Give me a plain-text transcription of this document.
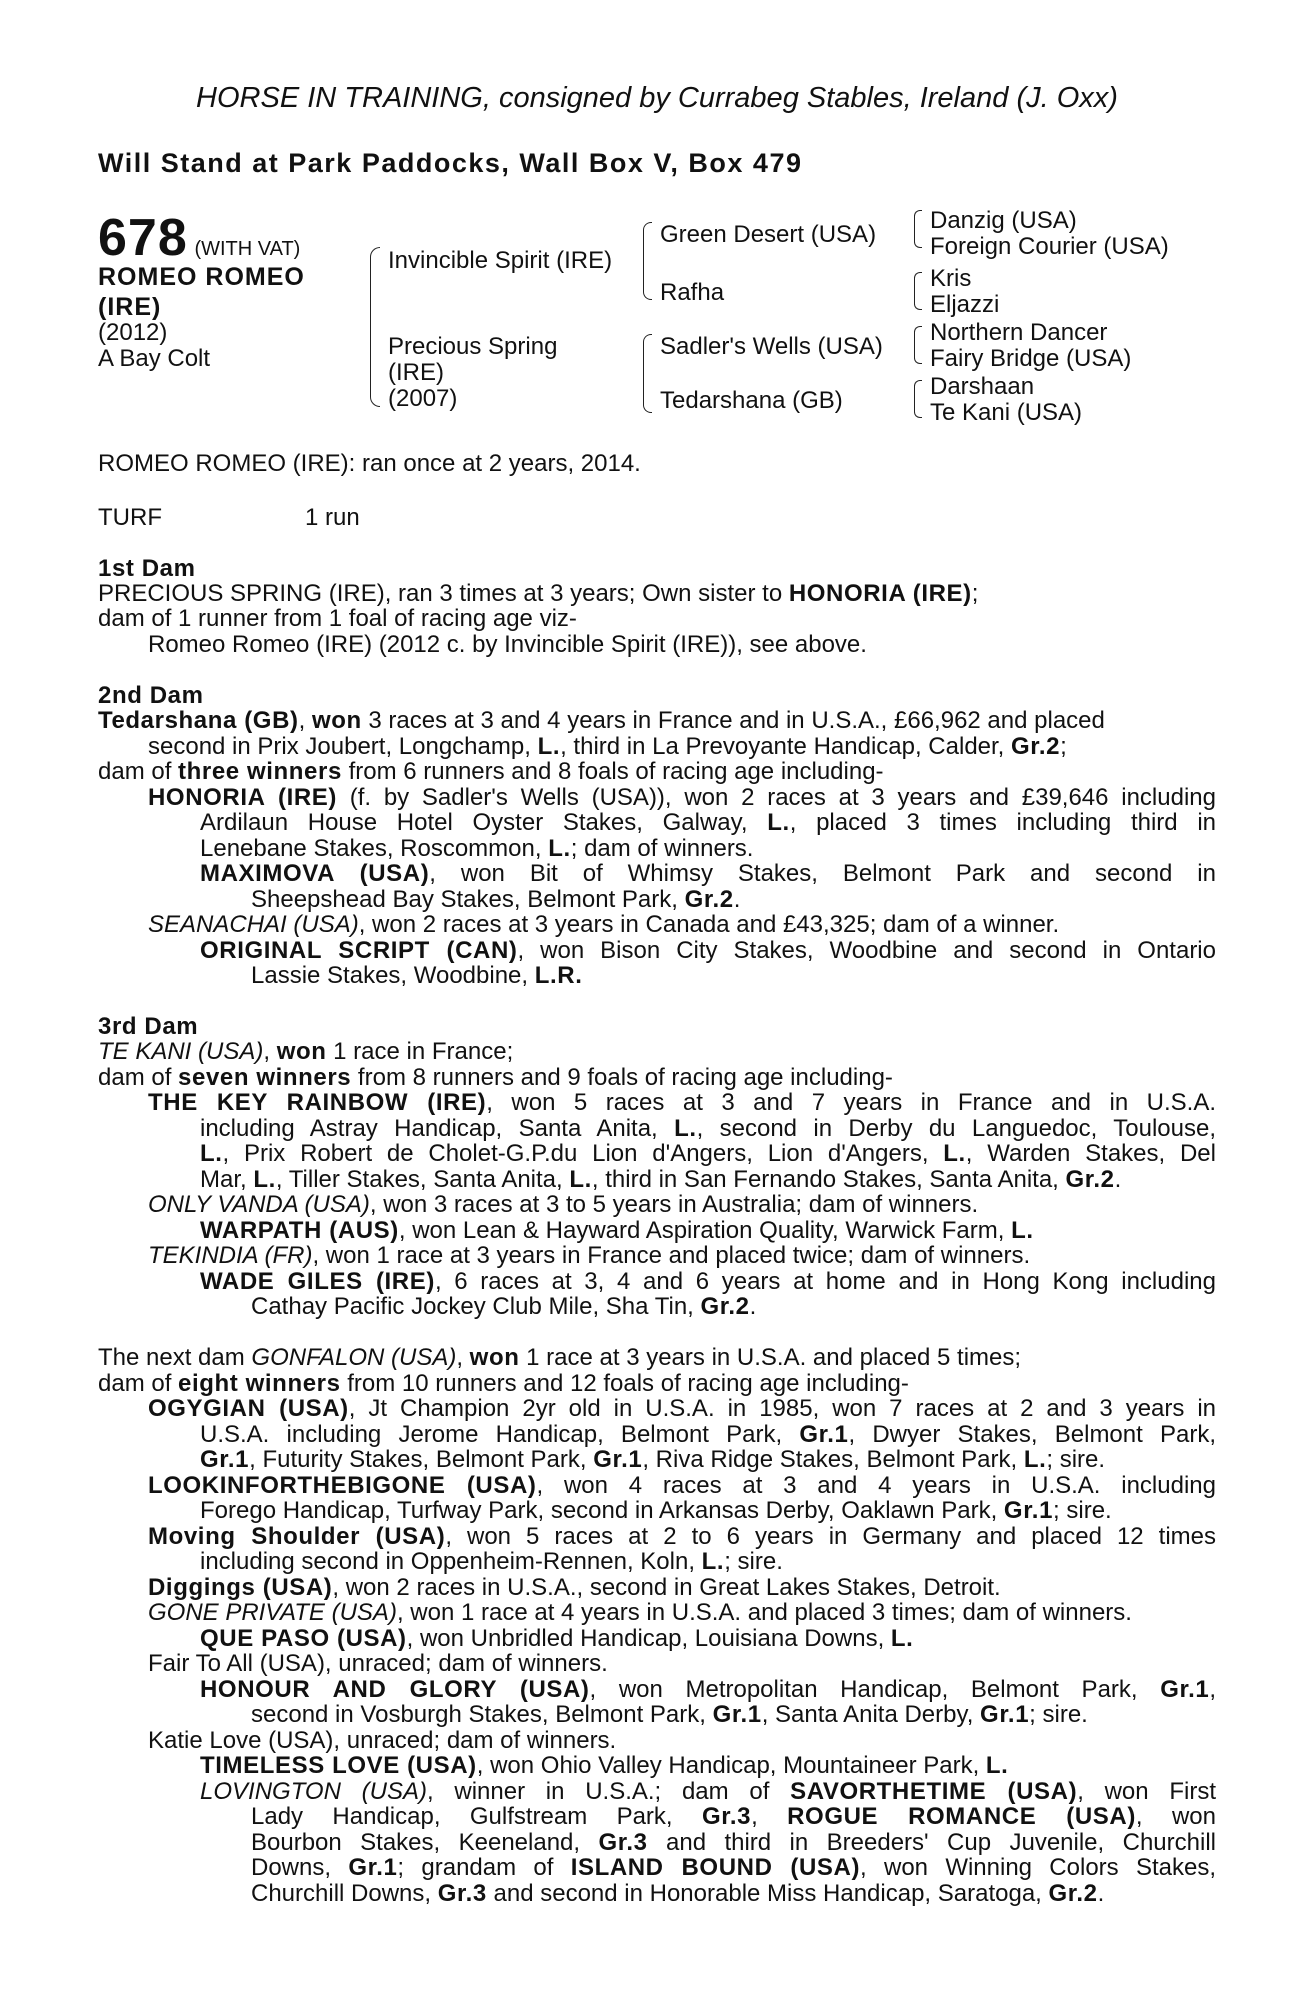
HORSE IN TRAINING, consigned by Currabeg Stables, Ireland (J. Oxx)
Will Stand at Park Paddocks, Wall Box V, Box 479
678 (WITH VAT)
ROMEO ROMEO
(IRE)
(2012)
A Bay Colt
Invincible Spirit (IRE)
Precious Spring
(IRE)
(2007)
Green Desert (USA)
Rafha
Sadler's Wells (USA)
Tedarshana (GB)
Danzig (USA)
Foreign Courier (USA)
Kris
Eljazzi
Northern Dancer
Fairy Bridge (USA)
Darshaan
Te Kani (USA)
ROMEO ROMEO (IRE): ran once at 2 years, 2014.
TURF	1 run
1st Dam
PRECIOUS SPRING (IRE), ran 3 times at 3 years; Own sister to HONORIA (IRE);
dam of 1 runner from 1 foal of racing age viz-
Romeo Romeo (IRE) (2012 c. by Invincible Spirit (IRE)), see above.
2nd Dam
Tedarshana (GB), won 3 races at 3 and 4 years in France and in U.S.A., £66,962 and placed
second in Prix Joubert, Longchamp, L., third in La Prevoyante Handicap, Calder, Gr.2;
dam of three winners from 6 runners and 8 foals of racing age including-
HONORIA (IRE) (f. by Sadler's Wells (USA)), won 2 races at 3 years and £39,646 including
Ardilaun House Hotel Oyster Stakes, Galway, L., placed 3 times including third in
Lenebane Stakes, Roscommon, L.; dam of winners.
MAXIMOVA (USA), won Bit of Whimsy Stakes, Belmont Park and second in
Sheepshead Bay Stakes, Belmont Park, Gr.2.
SEANACHAI (USA), won 2 races at 3 years in Canada and £43,325; dam of a winner.
ORIGINAL SCRIPT (CAN), won Bison City Stakes, Woodbine and second in Ontario
Lassie Stakes, Woodbine, L.R.
3rd Dam
TE KANI (USA), won 1 race in France;
dam of seven winners from 8 runners and 9 foals of racing age including-
THE KEY RAINBOW (IRE), won 5 races at 3 and 7 years in France and in U.S.A.
including Astray Handicap, Santa Anita, L., second in Derby du Languedoc, Toulouse,
L., Prix Robert de Cholet-G.P.du Lion d'Angers, Lion d'Angers, L., Warden Stakes, Del
Mar, L., Tiller Stakes, Santa Anita, L., third in San Fernando Stakes, Santa Anita, Gr.2.
ONLY VANDA (USA), won 3 races at 3 to 5 years in Australia; dam of winners.
WARPATH (AUS), won Lean & Hayward Aspiration Quality, Warwick Farm, L.
TEKINDIA (FR), won 1 race at 3 years in France and placed twice; dam of winners.
WADE GILES (IRE), 6 races at 3, 4 and 6 years at home and in Hong Kong including
Cathay Pacific Jockey Club Mile, Sha Tin, Gr.2.
The next dam GONFALON (USA), won 1 race at 3 years in U.S.A. and placed 5 times;
dam of eight winners from 10 runners and 12 foals of racing age including-
OGYGIAN (USA), Jt Champion 2yr old in U.S.A. in 1985, won 7 races at 2 and 3 years in
U.S.A. including Jerome Handicap, Belmont Park, Gr.1, Dwyer Stakes, Belmont Park,
Gr.1, Futurity Stakes, Belmont Park, Gr.1, Riva Ridge Stakes, Belmont Park, L.; sire.
LOOKINFORTHEBIGONE (USA), won 4 races at 3 and 4 years in U.S.A. including
Forego Handicap, Turfway Park, second in Arkansas Derby, Oaklawn Park, Gr.1; sire.
Moving Shoulder (USA), won 5 races at 2 to 6 years in Germany and placed 12 times
including second in Oppenheim-Rennen, Koln, L.; sire.
Diggings (USA), won 2 races in U.S.A., second in Great Lakes Stakes, Detroit.
GONE PRIVATE (USA), won 1 race at 4 years in U.S.A. and placed 3 times; dam of winners.
QUE PASO (USA), won Unbridled Handicap, Louisiana Downs, L.
Fair To All (USA), unraced; dam of winners.
HONOUR AND GLORY (USA), won Metropolitan Handicap, Belmont Park, Gr.1,
second in Vosburgh Stakes, Belmont Park, Gr.1, Santa Anita Derby, Gr.1; sire.
Katie Love (USA), unraced; dam of winners.
TIMELESS LOVE (USA), won Ohio Valley Handicap, Mountaineer Park, L.
LOVINGTON (USA), winner in U.S.A.; dam of SAVORTHETIME (USA), won First
Lady Handicap, Gulfstream Park, Gr.3, ROGUE ROMANCE (USA), won
Bourbon Stakes, Keeneland, Gr.3 and third in Breeders' Cup Juvenile, Churchill
Downs, Gr.1; grandam of ISLAND BOUND (USA), won Winning Colors Stakes,
Churchill Downs, Gr.3 and second in Honorable Miss Handicap, Saratoga, Gr.2.
